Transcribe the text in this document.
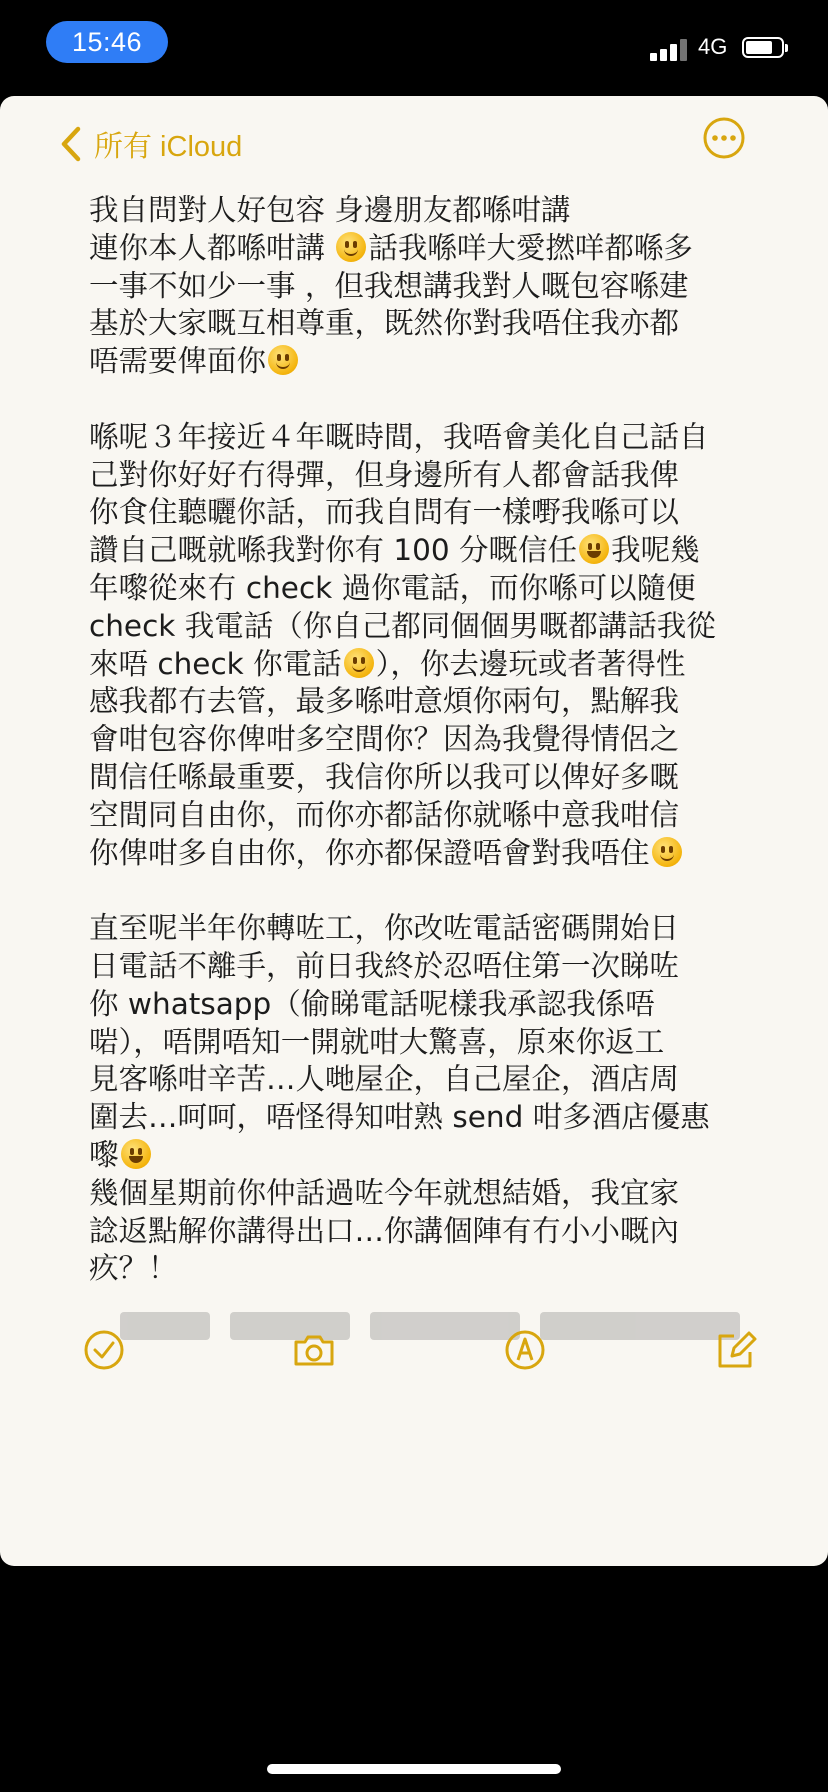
15:46	4G
所有 iCloud

我自問對人好包容 身邊朋友都喺咁講

連你本人都喺咁講
話我喺咩大愛撚咩都喺多

一事不如少一事 ，但我想講我對人嘅包容喺建

基於大家嘅互相尊重，既然你對我唔住我亦都

唔需要俾面你

喺呢３年接近４年嘅時間，我唔會美化自己話自

己對你好好冇得彈，但身邊所有人都會話我俾

你食住聽曬你話，而我自問有一樣嘢我喺可以

讚自己嘅就喺我對你有 100 分嘅信任 我呢幾

年嚟從來冇 check 過你電話，而你喺可以隨便

check 我電話（你自己都同個個男嘅都講話我從

來唔 check 你電話 ），你去邊玩或者著得性

感我都冇去管，最多喺咁意煩你兩句，點解我

會咁包容你俾咁多空間你？因為我覺得情侶之

間信任喺最重要，我信你所以我可以俾好多嘅

空間同自由你，而你亦都話你就喺中意我咁信

你俾咁多自由你，你亦都保證唔會對我唔住

直至呢半年你轉咗工，你改咗電話密碼開始日

日電話不離手，前日我終於忍唔住第一次睇咗

你 whatsapp（偷睇電話呢樣我承認我係唔

啱），唔開唔知一開就咁大驚喜，原來你返工

見客喺咁辛苦…人哋屋企，自己屋企，酒店周

圍去…呵呵，唔怪得知咁熟 send 咁多酒店優惠

嚟

幾個星期前你仲話過咗今年就想結婚，我宜家

諗返點解你講得出口…你講個陣有冇小小嘅內

疚？！
